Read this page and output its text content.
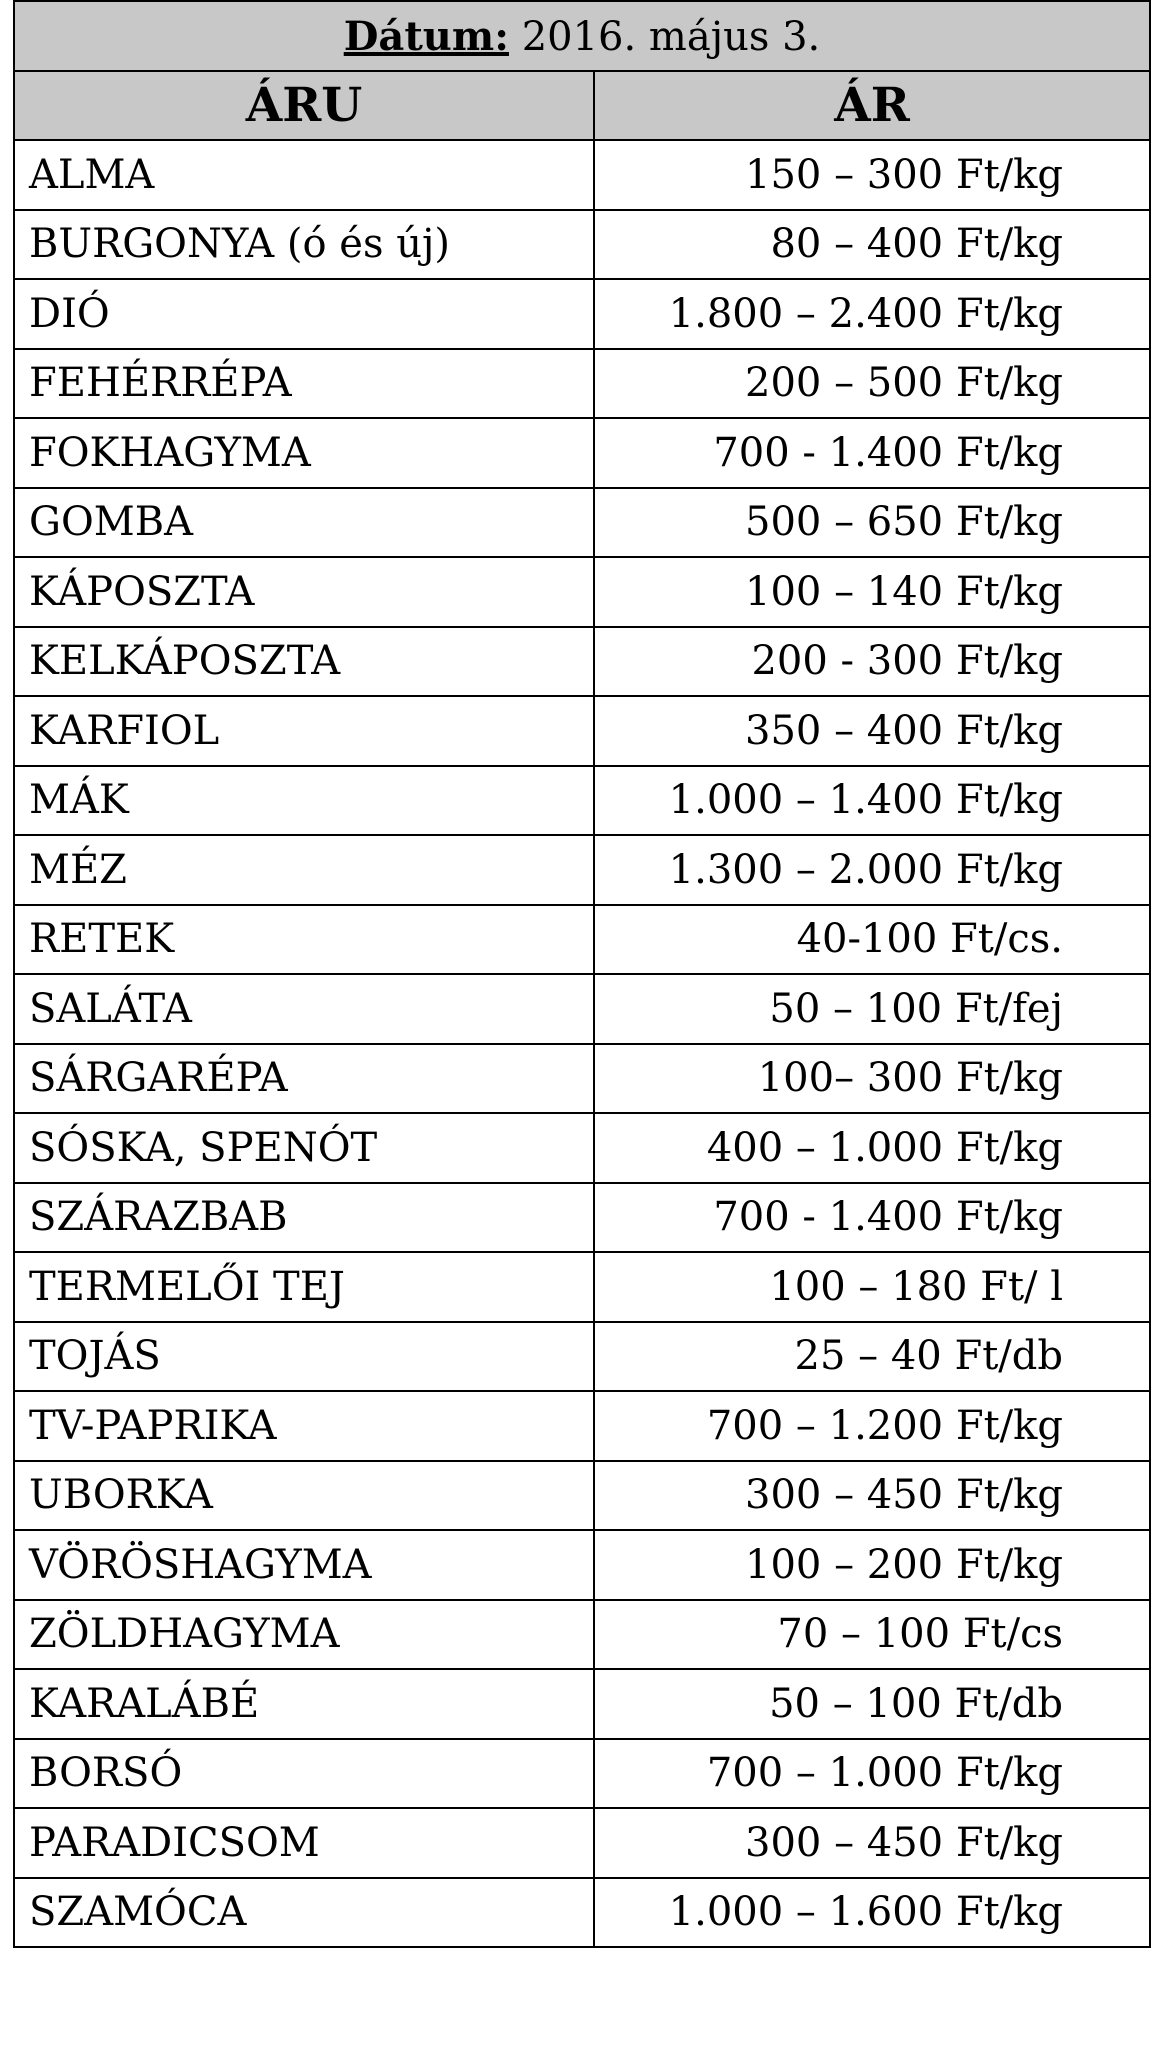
Dátum: 2016. május 3.	
ÁRU	ÁR
ALMA	150 – 300 Ft/kg
BURGONYA (ó és új)	80 – 400 Ft/kg
DIÓ	1.800 – 2.400 Ft/kg
FEHÉRRÉPA	200 – 500 Ft/kg
FOKHAGYMA	700 - 1.400 Ft/kg
GOMBA	500 – 650 Ft/kg
KÁPOSZTA	100 – 140 Ft/kg
KELKÁPOSZTA	200 - 300 Ft/kg
KARFIOL	350 – 400 Ft/kg
MÁK	1.000 – 1.400 Ft/kg
MÉZ	1.300 – 2.000 Ft/kg
RETEK	40-100 Ft/cs.
SALÁTA	50 – 100 Ft/fej
SÁRGARÉPA	100– 300 Ft/kg
SÓSKA, SPENÓT	400 – 1.000 Ft/kg
SZÁRAZBAB	700 - 1.400 Ft/kg
TERMELŐI TEJ	100 – 180 Ft/ l
TOJÁS	25 – 40 Ft/db
TV-PAPRIKA	700 – 1.200 Ft/kg
UBORKA	300 – 450 Ft/kg
VÖRÖSHAGYMA	100 – 200 Ft/kg
ZÖLDHAGYMA	70 – 100 Ft/cs
KARALÁBÉ	50 – 100 Ft/db
BORSÓ	700 – 1.000 Ft/kg
PARADICSOM	300 – 450 Ft/kg
SZAMÓCA	1.000 – 1.600 Ft/kg
